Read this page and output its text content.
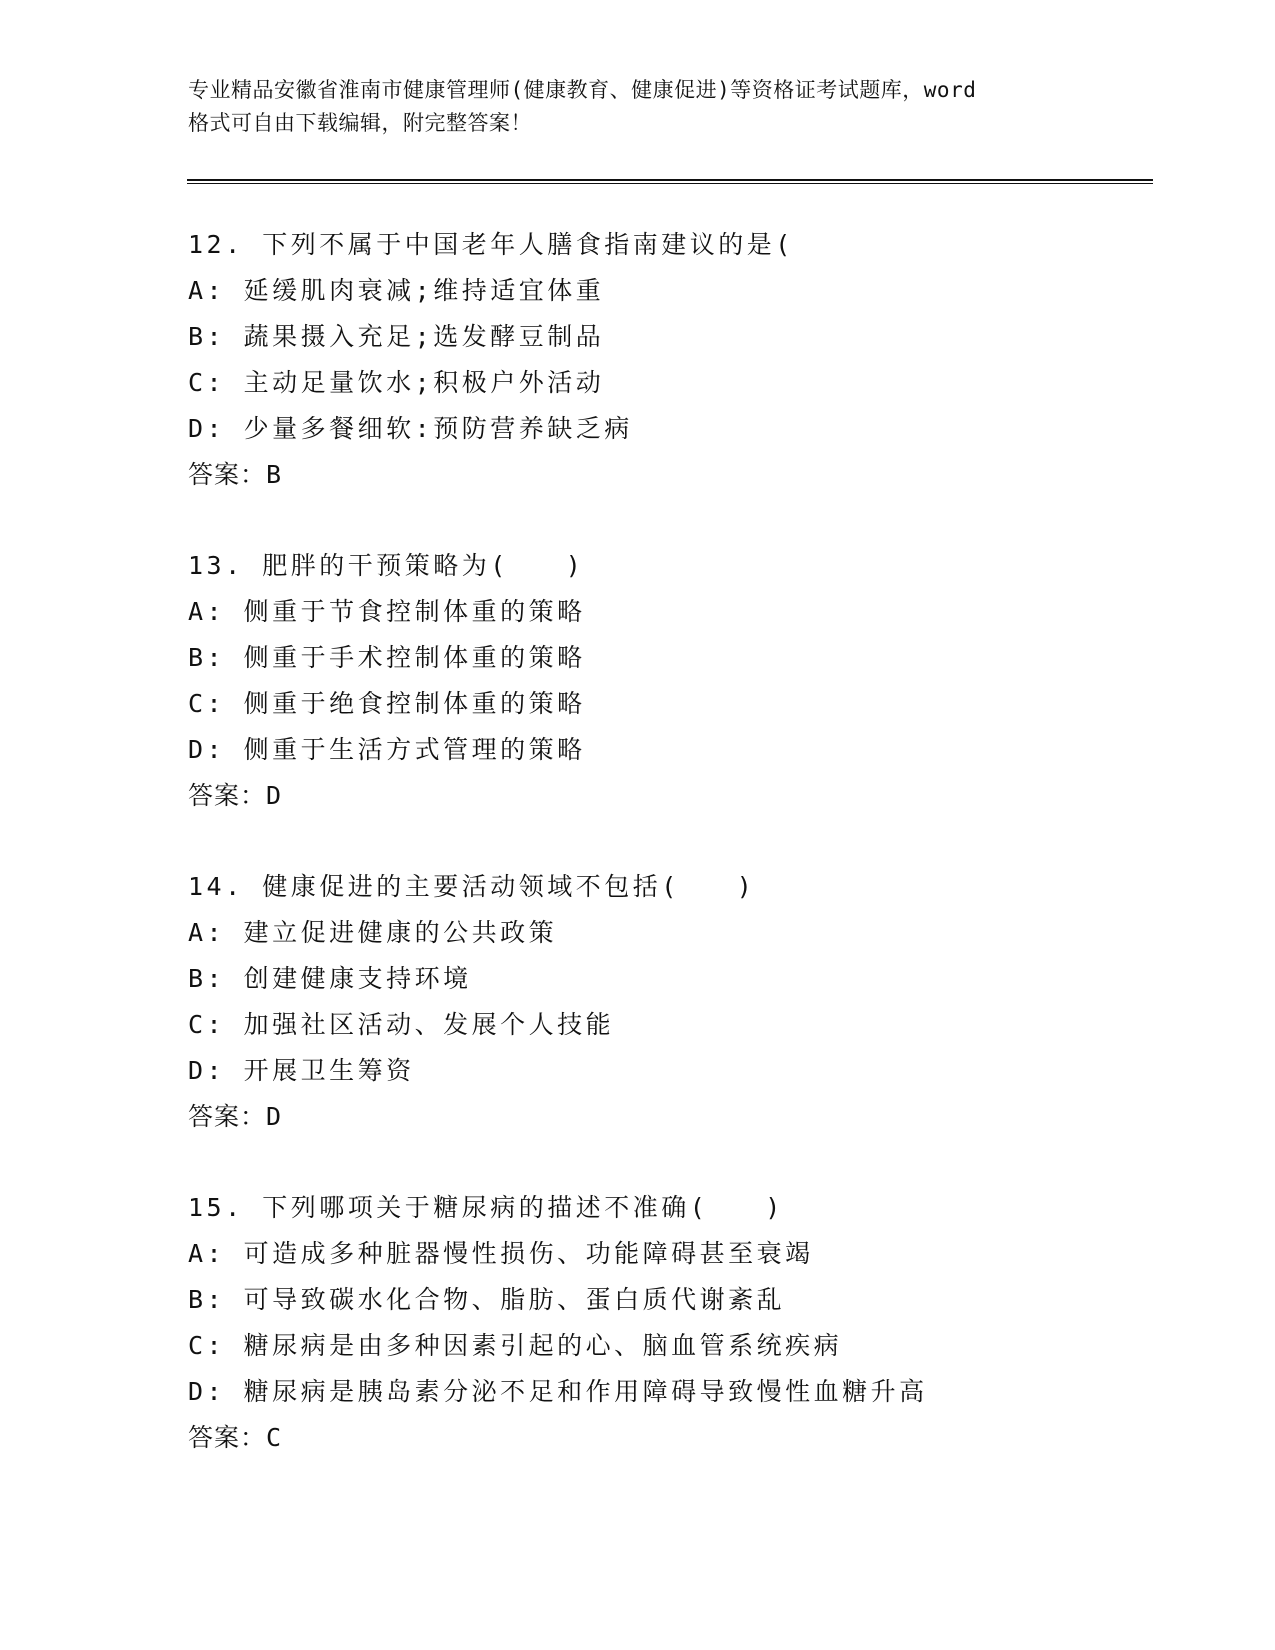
专业精品安徽省淮南市健康管理师(健康教育、健康促进)等资格证考试题库，word
格式可自由下载编辑，附完整答案！
12. 下列不属于中国老年人膳食指南建议的是(
A: 延缓肌肉衰减;维持适宜体重
B: 蔬果摄入充足;选发酵豆制品
C: 主动足量饮水;积极户外活动
D: 少量多餐细软:预防营养缺乏病
答案：B
13. 肥胖的干预策略为(　　)
A: 侧重于节食控制体重的策略
B: 侧重于手术控制体重的策略
C: 侧重于绝食控制体重的策略
D: 侧重于生活方式管理的策略
答案：D
14. 健康促进的主要活动领域不包括(　　)
A: 建立促进健康的公共政策
B: 创建健康支持环境
C: 加强社区活动、发展个人技能
D: 开展卫生筹资
答案：D
15. 下列哪项关于糖尿病的描述不准确(　　)
A: 可造成多种脏器慢性损伤、功能障碍甚至衰竭
B: 可导致碳水化合物、脂肪、蛋白质代谢紊乱
C: 糖尿病是由多种因素引起的心、脑血管系统疾病
D: 糖尿病是胰岛素分泌不足和作用障碍导致慢性血糖升高
答案：C
